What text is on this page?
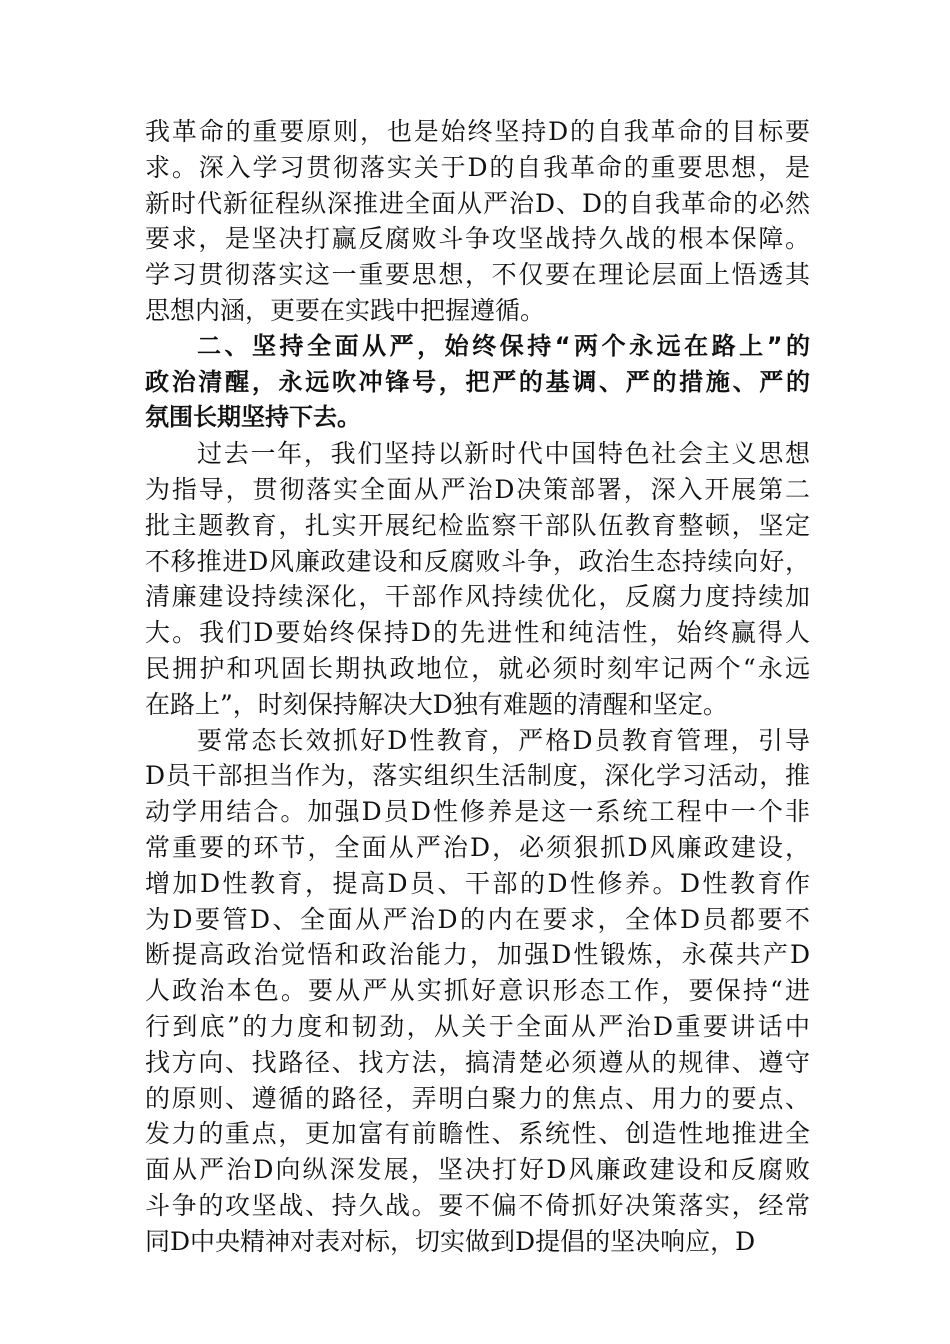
我革命的重要原则，也是始终坚持D的自我革命的目标要
求。深入学习贯彻落实关于D的自我革命的重要思想，是
新时代新征程纵深推进全面从严治D、D的自我革命的必然
要求，是坚决打赢反腐败斗争攻坚战持久战的根本保障。
学习贯彻落实这一重要思想，不仅要在理论层面上悟透其
思想内涵，更要在实践中把握遵循。
二、坚持全面从严，始终保持“两个永远在路上”的
政治清醒，永远吹冲锋号，把严的基调、严的措施、严的
氛围长期坚持下去。
过去一年，我们坚持以新时代中国特色社会主义思想
为指导，贯彻落实全面从严治D决策部署，深入开展第二
批主题教育，扎实开展纪检监察干部队伍教育整顿，坚定
不移推进D风廉政建设和反腐败斗争，政治生态持续向好，
清廉建设持续深化，干部作风持续优化，反腐力度持续加
大。我们D要始终保持D的先进性和纯洁性，始终赢得人
民拥护和巩固长期执政地位，就必须时刻牢记两个“永远
在路上”，时刻保持解决大D独有难题的清醒和坚定。
要常态长效抓好D性教育，严格D员教育管理，引导
D员干部担当作为，落实组织生活制度，深化学习活动，推
动学用结合。加强D员D性修养是这一系统工程中一个非
常重要的环节，全面从严治D，必须狠抓D风廉政建设，
增加D性教育，提高D员、干部的D性修养。D性教育作
为D要管D、全面从严治D的内在要求，全体D员都要不
断提高政治觉悟和政治能力，加强D性锻炼，永葆共产D
人政治本色。要从严从实抓好意识形态工作，要保持“进
行到底”的力度和韧劲，从关于全面从严治D重要讲话中
找方向、找路径、找方法，搞清楚必须遵从的规律、遵守
的原则、遵循的路径，弄明白聚力的焦点、用力的要点、
发力的重点，更加富有前瞻性、系统性、创造性地推进全
面从严治D向纵深发展，坚决打好D风廉政建设和反腐败
斗争的攻坚战、持久战。要不偏不倚抓好决策落实，经常
同D中央精神对表对标，切实做到D提倡的坚决响应，D
